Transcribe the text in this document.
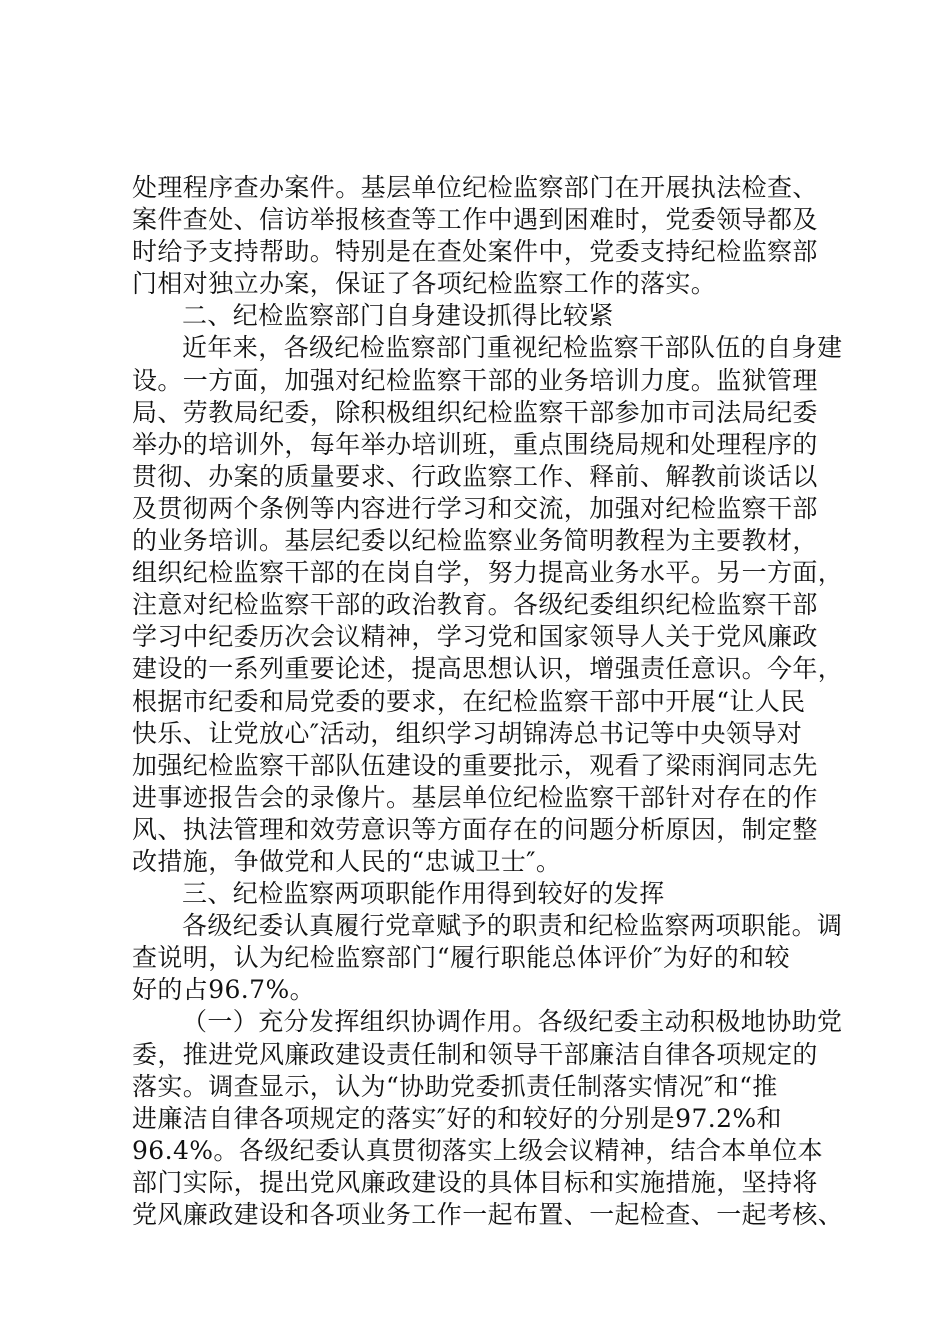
处理程序查办案件。基层单位纪检监察部门在开展执法检查、
案件查处、信访举报核查等工作中遇到困难时，党委领导都及
时给予支持帮助。特别是在查处案件中，党委支持纪检监察部
门相对独立办案，保证了各项纪检监察工作的落实。
二、纪检监察部门自身建设抓得比较紧
近年来，各级纪检监察部门重视纪检监察干部队伍的自身建
设。一方面，加强对纪检监察干部的业务培训力度。监狱管理
局、劳教局纪委，除积极组织纪检监察干部参加市司法局纪委
举办的培训外，每年举办培训班，重点围绕局规和处理程序的
贯彻、办案的质量要求、行政监察工作、释前、解教前谈话以
及贯彻两个条例等内容进行学习和交流，加强对纪检监察干部
的业务培训。基层纪委以纪检监察业务简明教程为主要教材，
组织纪检监察干部的在岗自学，努力提高业务水平。另一方面，
注意对纪检监察干部的政治教育。各级纪委组织纪检监察干部
学习中纪委历次会议精神，学习党和国家领导人关于党风廉政
建设的一系列重要论述，提高思想认识，增强责任意识。今年，
根据市纪委和局党委的要求，在纪检监察干部中开展“让人民
快乐、让党放心″活动，组织学习胡锦涛总书记等中央领导对
加强纪检监察干部队伍建设的重要批示，观看了梁雨润同志先
进事迹报告会的录像片。基层单位纪检监察干部针对存在的作
风、执法管理和效劳意识等方面存在的问题分析原因，制定整
改措施，争做党和人民的“忠诚卫士″。
三、纪检监察两项职能作用得到较好的发挥
各级纪委认真履行党章赋予的职责和纪检监察两项职能。调
查说明，认为纪检监察部门“履行职能总体评价″为好的和较
好的占96.7%。
（一）充分发挥组织协调作用。各级纪委主动积极地协助党
委，推进党风廉政建设责任制和领导干部廉洁自律各项规定的
落实。调查显示，认为“协助党委抓责任制落实情况″和“推
进廉洁自律各项规定的落实″好的和较好的分别是97.2%和
96.4%。各级纪委认真贯彻落实上级会议精神，结合本单位本
部门实际，提出党风廉政建设的具体目标和实施措施，坚持将
党风廉政建设和各项业务工作一起布置、一起检查、一起考核、
